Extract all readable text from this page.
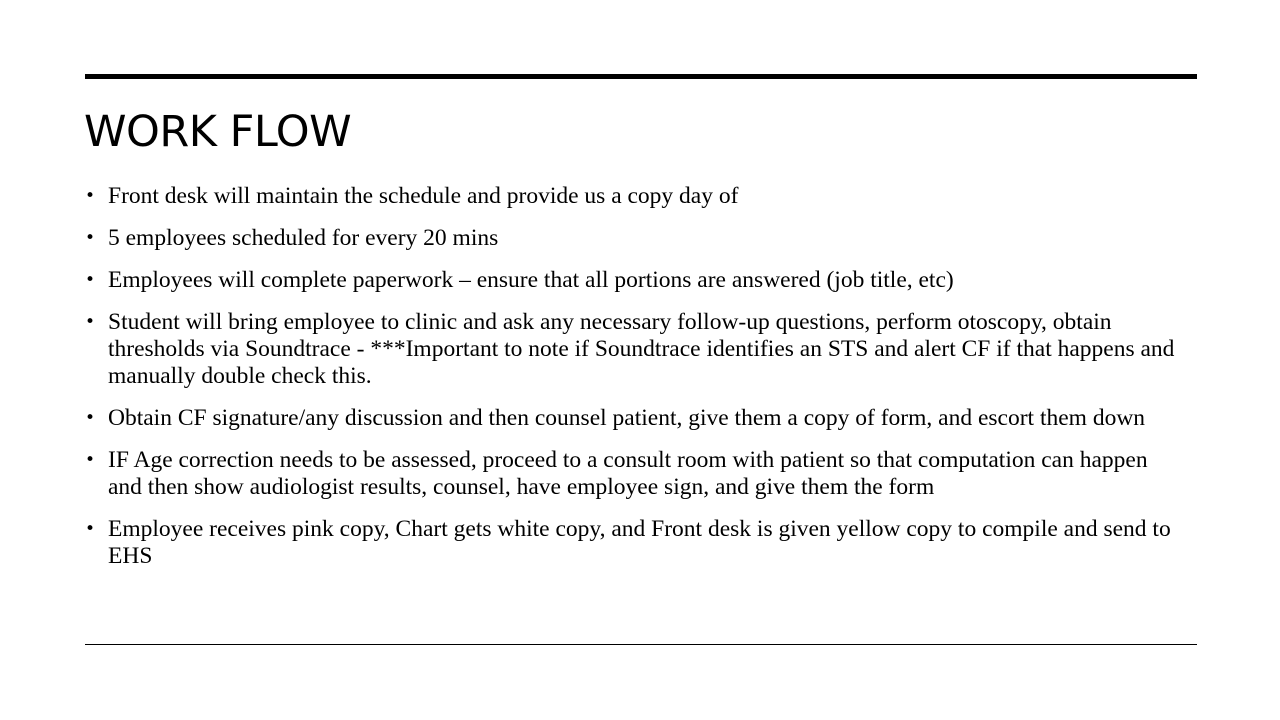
WORK FLOW
• Front desk will maintain the schedule and provide us a copy day of
• 5 employees scheduled for every 20 mins
• Employees will complete paperwork – ensure that all portions are answered (job title, etc)
• Student will bring employee to clinic and ask any necessary follow-up questions, perform otoscopy, obtain thresholds via Soundtrace - ***Important to note if Soundtrace identifies an STS and alert CF if that happens and manually double check this.
• Obtain CF signature/any discussion and then counsel patient, give them a copy of form, and escort them down
• IF Age correction needs to be assessed, proceed to a consult room with patient so that computation can happen and then show audiologist results, counsel, have employee sign, and give them the form
• Employee receives pink copy, Chart gets white copy, and Front desk is given yellow copy to compile and send to EHS
